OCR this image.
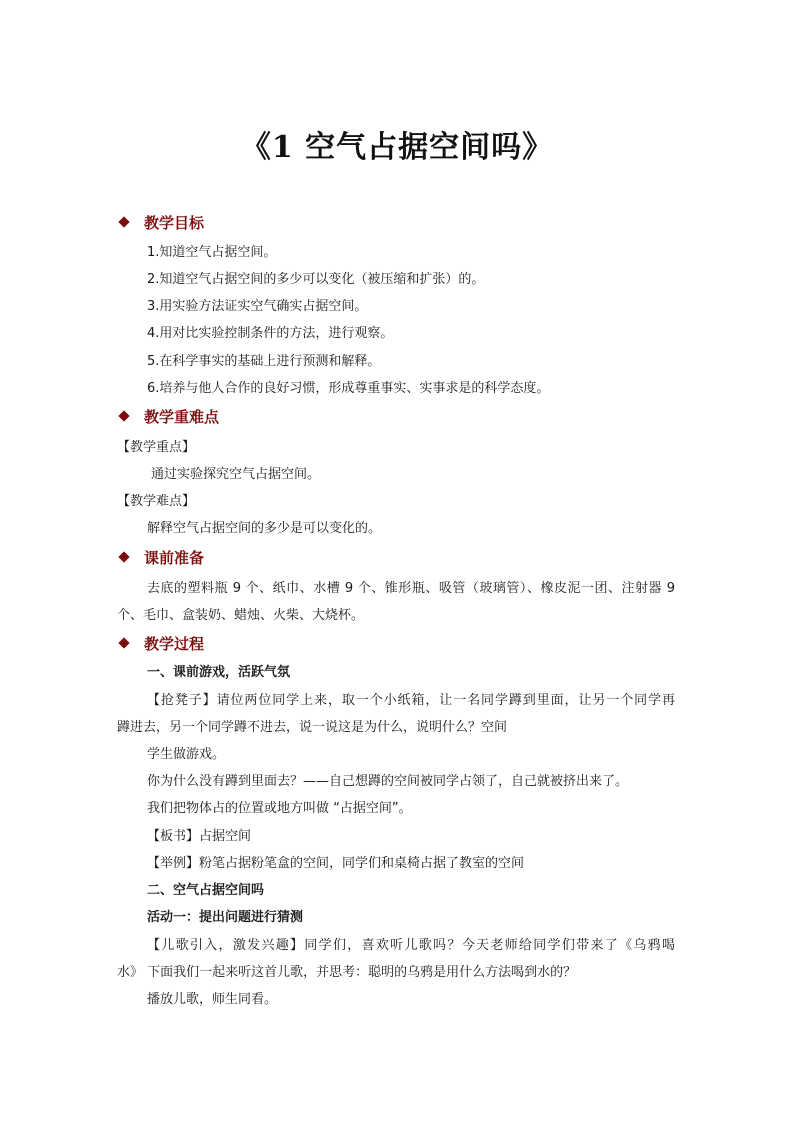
《1 空气占据空间吗》
教学目标
1.知道空气占据空间。
2.知道空气占据空间的多少可以变化（被压缩和扩张）的。
3.用实验方法证实空气确实占据空间。
4.用对比实验控制条件的方法，进行观察。
5.在科学事实的基础上进行预测和解释。
6.培养与他人合作的良好习惯，形成尊重事实、实事求是的科学态度。
教学重难点
【教学重点】
通过实验探究空气占据空间。
【教学难点】
解释空气占据空间的多少是可以变化的。
课前准备
去底的塑料瓶 9 个、纸巾、水槽 9 个、锥形瓶、吸管（玻璃管）、橡皮泥一团、注射器 9
个、毛巾、盒装奶、蜡烛、火柴、大烧杯。
教学过程
一、课前游戏，活跃气氛
【抢凳子】请位两位同学上来，取一个小纸箱，让一名同学蹲到里面，让另一个同学再
蹲进去，另一个同学蹲不进去，说一说这是为什么，说明什么？空间
学生做游戏。
你为什么没有蹲到里面去？——自己想蹲的空间被同学占领了，自己就被挤出来了。
我们把物体占的位置或地方叫做 “占据空间”。
【板书】占据空间
【举例】粉笔占据粉笔盒的空间，同学们和桌椅占据了教室的空间
二、空气占据空间吗
活动一：提出问题进行猜测
【儿歌引入，激发兴趣】同学们，喜欢听儿歌吗？今天老师给同学们带来了《乌鸦喝
水》 下面我们一起来听这首儿歌，并思考：聪明的乌鸦是用什么方法喝到水的？
播放儿歌，师生同看。
